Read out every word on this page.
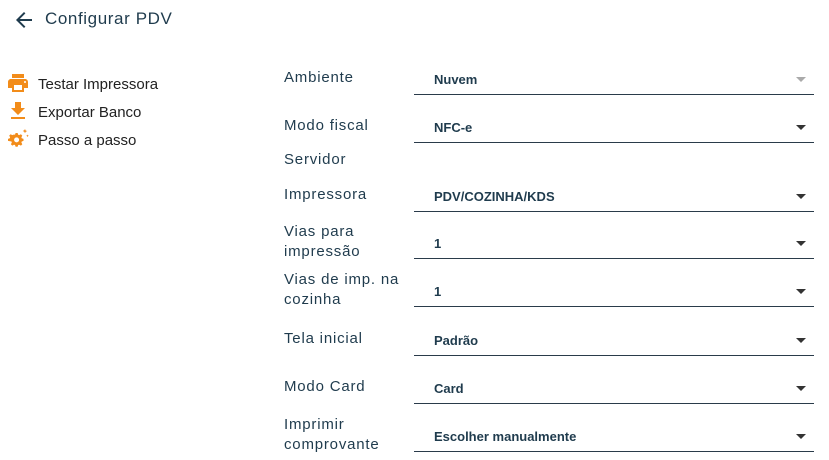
Configurar PDV
Testar Impressora
Exportar Banco
Passo a passo
Ambiente	Nuvem
Modo fiscal	NFC-e
Servidor
Impressora	PDV/COZINHA/KDS
Vias para
impressão	1
Vias de imp. na
cozinha	1
Tela inicial	Padrão
Modo Card	Card
Imprimir
comprovante	Escolher manualmente
